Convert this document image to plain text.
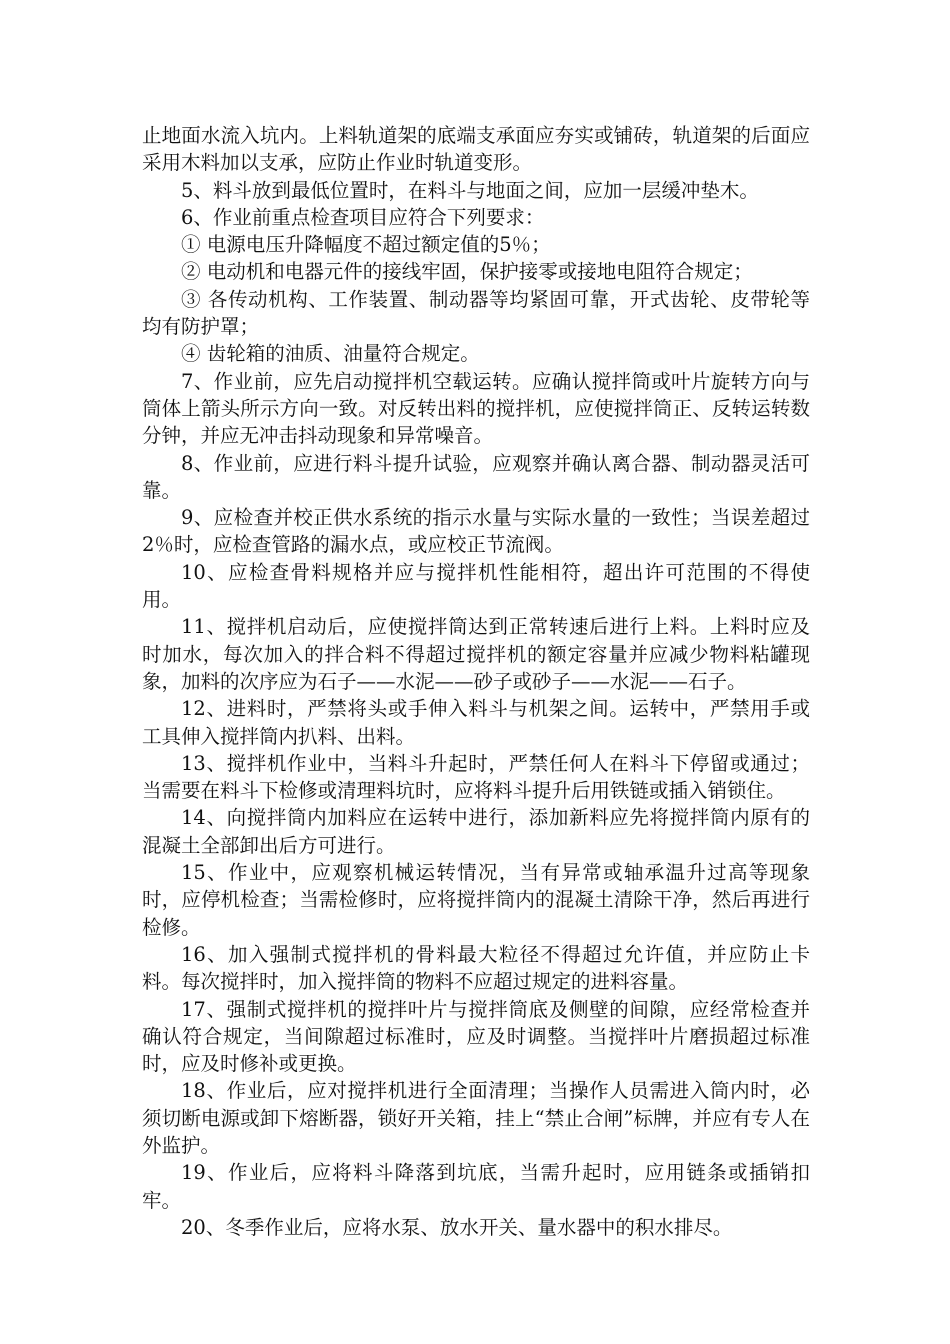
止地面水流入坑内。上料轨道架的底端支承面应夯实或铺砖，轨道架的后面应采用木料加以支承，应防止作业时轨道变形。

5、料斗放到最低位置时，在料斗与地面之间，应加一层缓冲垫木。

6、作业前重点检查项目应符合下列要求：

① 电源电压升降幅度不超过额定值的5％；

② 电动机和电器元件的接线牢固，保护接零或接地电阻符合规定；

③ 各传动机构、工作装置、制动器等均紧固可靠，开式齿轮、皮带轮等均有防护罩；

④ 齿轮箱的油质、油量符合规定。

7、作业前，应先启动搅拌机空载运转。应确认搅拌筒或叶片旋转方向与筒体上箭头所示方向一致。对反转出料的搅拌机，应使搅拌筒正、反转运转数分钟，并应无冲击抖动现象和异常噪音。

8、作业前，应进行料斗提升试验，应观察并确认离合器、制动器灵活可靠。

9、应检查并校正供水系统的指示水量与实际水量的一致性；当误差超过2％时，应检查管路的漏水点，或应校正节流阀。

10、应检查骨料规格并应与搅拌机性能相符，超出许可范围的不得使用。

11、搅拌机启动后，应使搅拌筒达到正常转速后进行上料。上料时应及时加水，每次加入的拌合料不得超过搅拌机的额定容量并应减少物料粘罐现象，加料的次序应为石子——水泥——砂子或砂子——水泥——石子。

12、进料时，严禁将头或手伸入料斗与机架之间。运转中，严禁用手或工具伸入搅拌筒内扒料、出料。

13、搅拌机作业中，当料斗升起时，严禁任何人在料斗下停留或通过；当需要在料斗下检修或清理料坑时，应将料斗提升后用铁链或插入销锁住。

14、向搅拌筒内加料应在运转中进行，添加新料应先将搅拌筒内原有的混凝土全部卸出后方可进行。

15、作业中，应观察机械运转情况，当有异常或轴承温升过高等现象时，应停机检查；当需检修时，应将搅拌筒内的混凝土清除干净，然后再进行检修。

16、加入强制式搅拌机的骨料最大粒径不得超过允许值，并应防止卡料。每次搅拌时，加入搅拌筒的物料不应超过规定的进料容量。

17、强制式搅拌机的搅拌叶片与搅拌筒底及侧壁的间隙，应经常检查并确认符合规定，当间隙超过标准时，应及时调整。当搅拌叶片磨损超过标准时，应及时修补或更换。

18、作业后，应对搅拌机进行全面清理；当操作人员需进入筒内时，必须切断电源或卸下熔断器，锁好开关箱，挂上“禁止合闸”标牌，并应有专人在外监护。

19、作业后，应将料斗降落到坑底，当需升起时，应用链条或插销扣牢。

20、冬季作业后，应将水泵、放水开关、量水器中的积水排尽。
